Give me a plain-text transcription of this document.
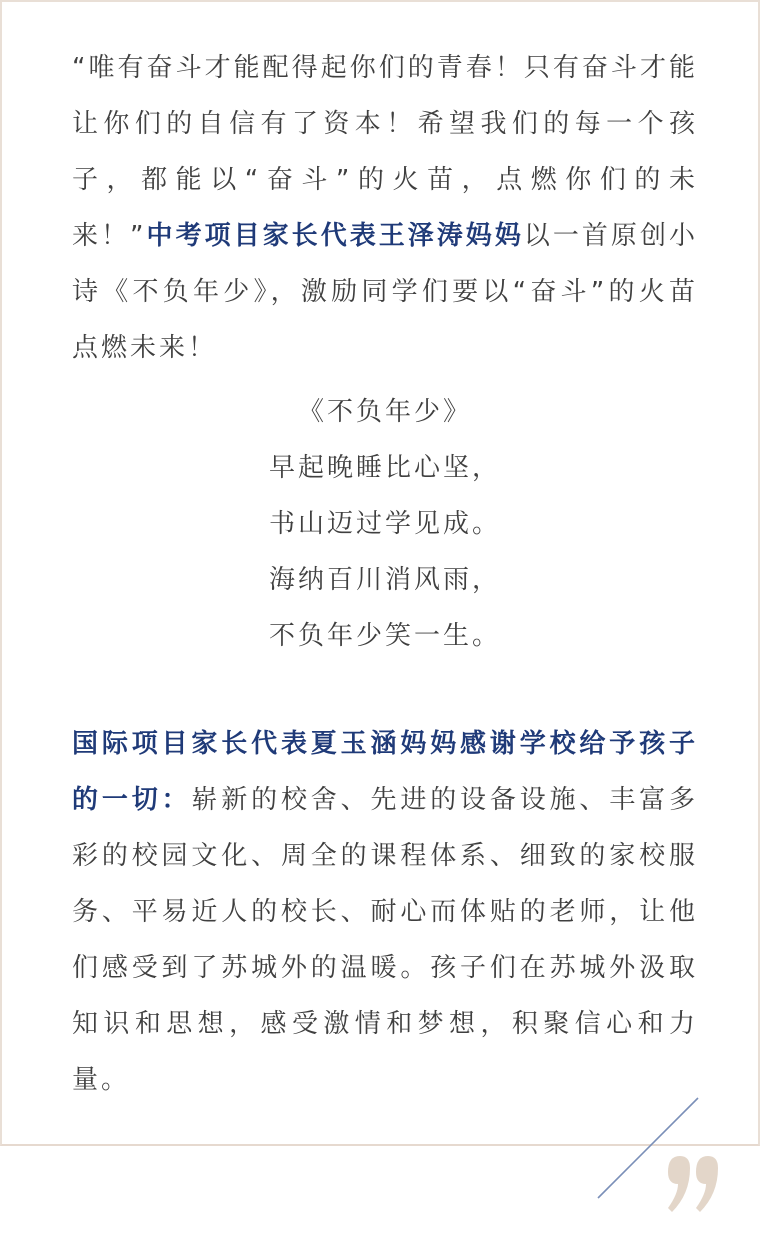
“唯有奋斗才能配得起你们的青春！只有奋斗才能让你们的自信有了资本！希望我们的每一个孩子，都能以“奋斗”的火苗，点燃你们的未来！”中考项目家长代表王泽涛妈妈以一首原创小诗《不负年少》，激励同学们要以“奋斗”的火苗点燃未来！

《不负年少》
早起晚睡比心坚，
书山迈过学见成。
海纳百川消风雨，
不负年少笑一生。

国际项目家长代表夏玉涵妈妈感谢学校给予孩子的一切：崭新的校舍、先进的设备设施、丰富多彩的校园文化、周全的课程体系、细致的家校服务、平易近人的校长、耐心而体贴的老师，让他们感受到了苏城外的温暖。孩子们在苏城外汲取知识和思想，感受激情和梦想，积聚信心和力量。
